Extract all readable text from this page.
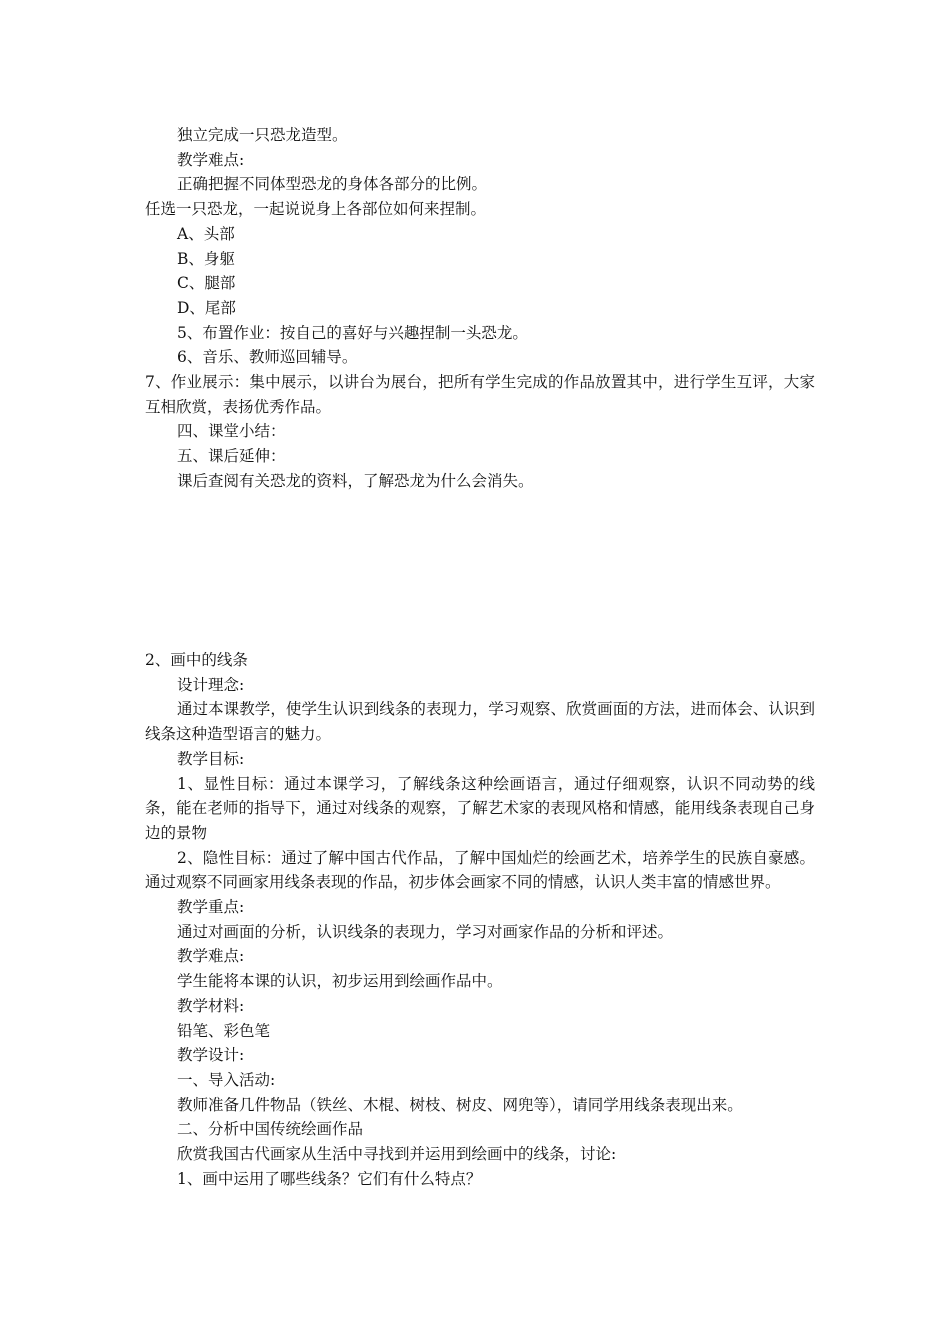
独立完成一只恐龙造型。

教学难点:

正确把握不同体型恐龙的身体各部分的比例。

任选一只恐龙，一起说说身上各部位如何来捏制。

A、头部

B、身躯

C、腿部

D、尾部

5、布置作业：按自己的喜好与兴趣捏制一头恐龙。

6、音乐、教师巡回辅导。

7、作业展示：集中展示，以讲台为展台，把所有学生完成的作品放置其中，进行学生互评，大家互相欣赏，表扬优秀作品。

四、课堂小结：

五、课后延伸：

课后查阅有关恐龙的资料，了解恐龙为什么会消失。

2、画中的线条

设计理念:

通过本课教学，使学生认识到线条的表现力，学习观察、欣赏画面的方法，进而体会、认识到线条这种造型语言的魅力。

教学目标:

1、显性目标：通过本课学习，了解线条这种绘画语言，通过仔细观察，认识不同动势的线条，能在老师的指导下，通过对线条的观察，了解艺术家的表现风格和情感，能用线条表现自己身边的景物

2、隐性目标：通过了解中国古代作品，了解中国灿烂的绘画艺术，培养学生的民族自豪感。通过观察不同画家用线条表现的作品，初步体会画家不同的情感，认识人类丰富的情感世界。

教学重点:

通过对画面的分析，认识线条的表现力，学习对画家作品的分析和评述。

教学难点:

学生能将本课的认识，初步运用到绘画作品中。

教学材料:

铅笔、彩色笔

教学设计:

一、导入活动:

教师准备几件物品（铁丝、木棍、树枝、树皮、网兜等），请同学用线条表现出来。

二、分析中国传统绘画作品

欣赏我国古代画家从生活中寻找到并运用到绘画中的线条，讨论:

1、画中运用了哪些线条？它们有什么特点？
